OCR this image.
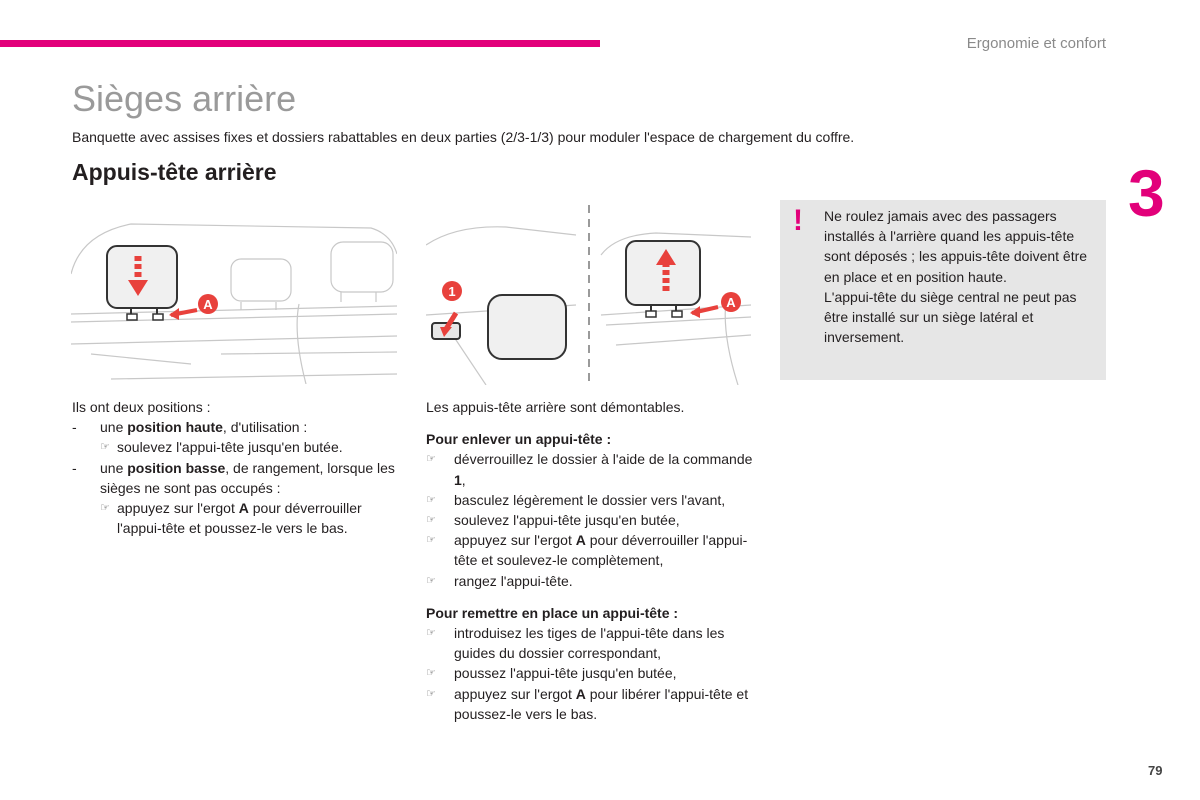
Ergonomie et confort
3
Sièges arrière
Banquette avec assises fixes et dossiers rabattables en deux parties (2/3-1/3) pour moduler l'espace de chargement du coffre.
Appuis-tête arrière
A
1
A
! Ne roulez jamais avec des passagers installés à l'arrière quand les appuis-tête sont déposés ; les appuis-tête doivent être en place et en position haute.

L'appui-tête du siège central ne peut pas être installé sur un siège latéral et inversement.

Ils ont deux positions :

-	une position haute, d'utilisation :
☞ soulevez l'appui-tête jusqu'en butée.
-	une position basse, de rangement, lorsque les sièges ne sont pas occupés :
☞ appuyez sur l'ergot A pour déverrouiller l'appui-tête et poussez-le vers le bas.

Les appuis-tête arrière sont démontables.

Pour enlever un appui-tête :

☞	déverrouillez le dossier à l'aide de la commande 1,
☞	basculez légèrement le dossier vers l'avant,
☞	soulevez l'appui-tête jusqu'en butée,
☞	appuyez sur l'ergot A pour déverrouiller l'appui-tête et soulevez-le complètement,
☞	rangez l'appui-tête.

Pour remettre en place un appui-tête :

☞	introduisez les tiges de l'appui-tête dans les guides du dossier correspondant,
☞	poussez l'appui-tête jusqu'en butée,
☞	appuyez sur l'ergot A pour libérer l'appui-tête et poussez-le vers le bas.
79
